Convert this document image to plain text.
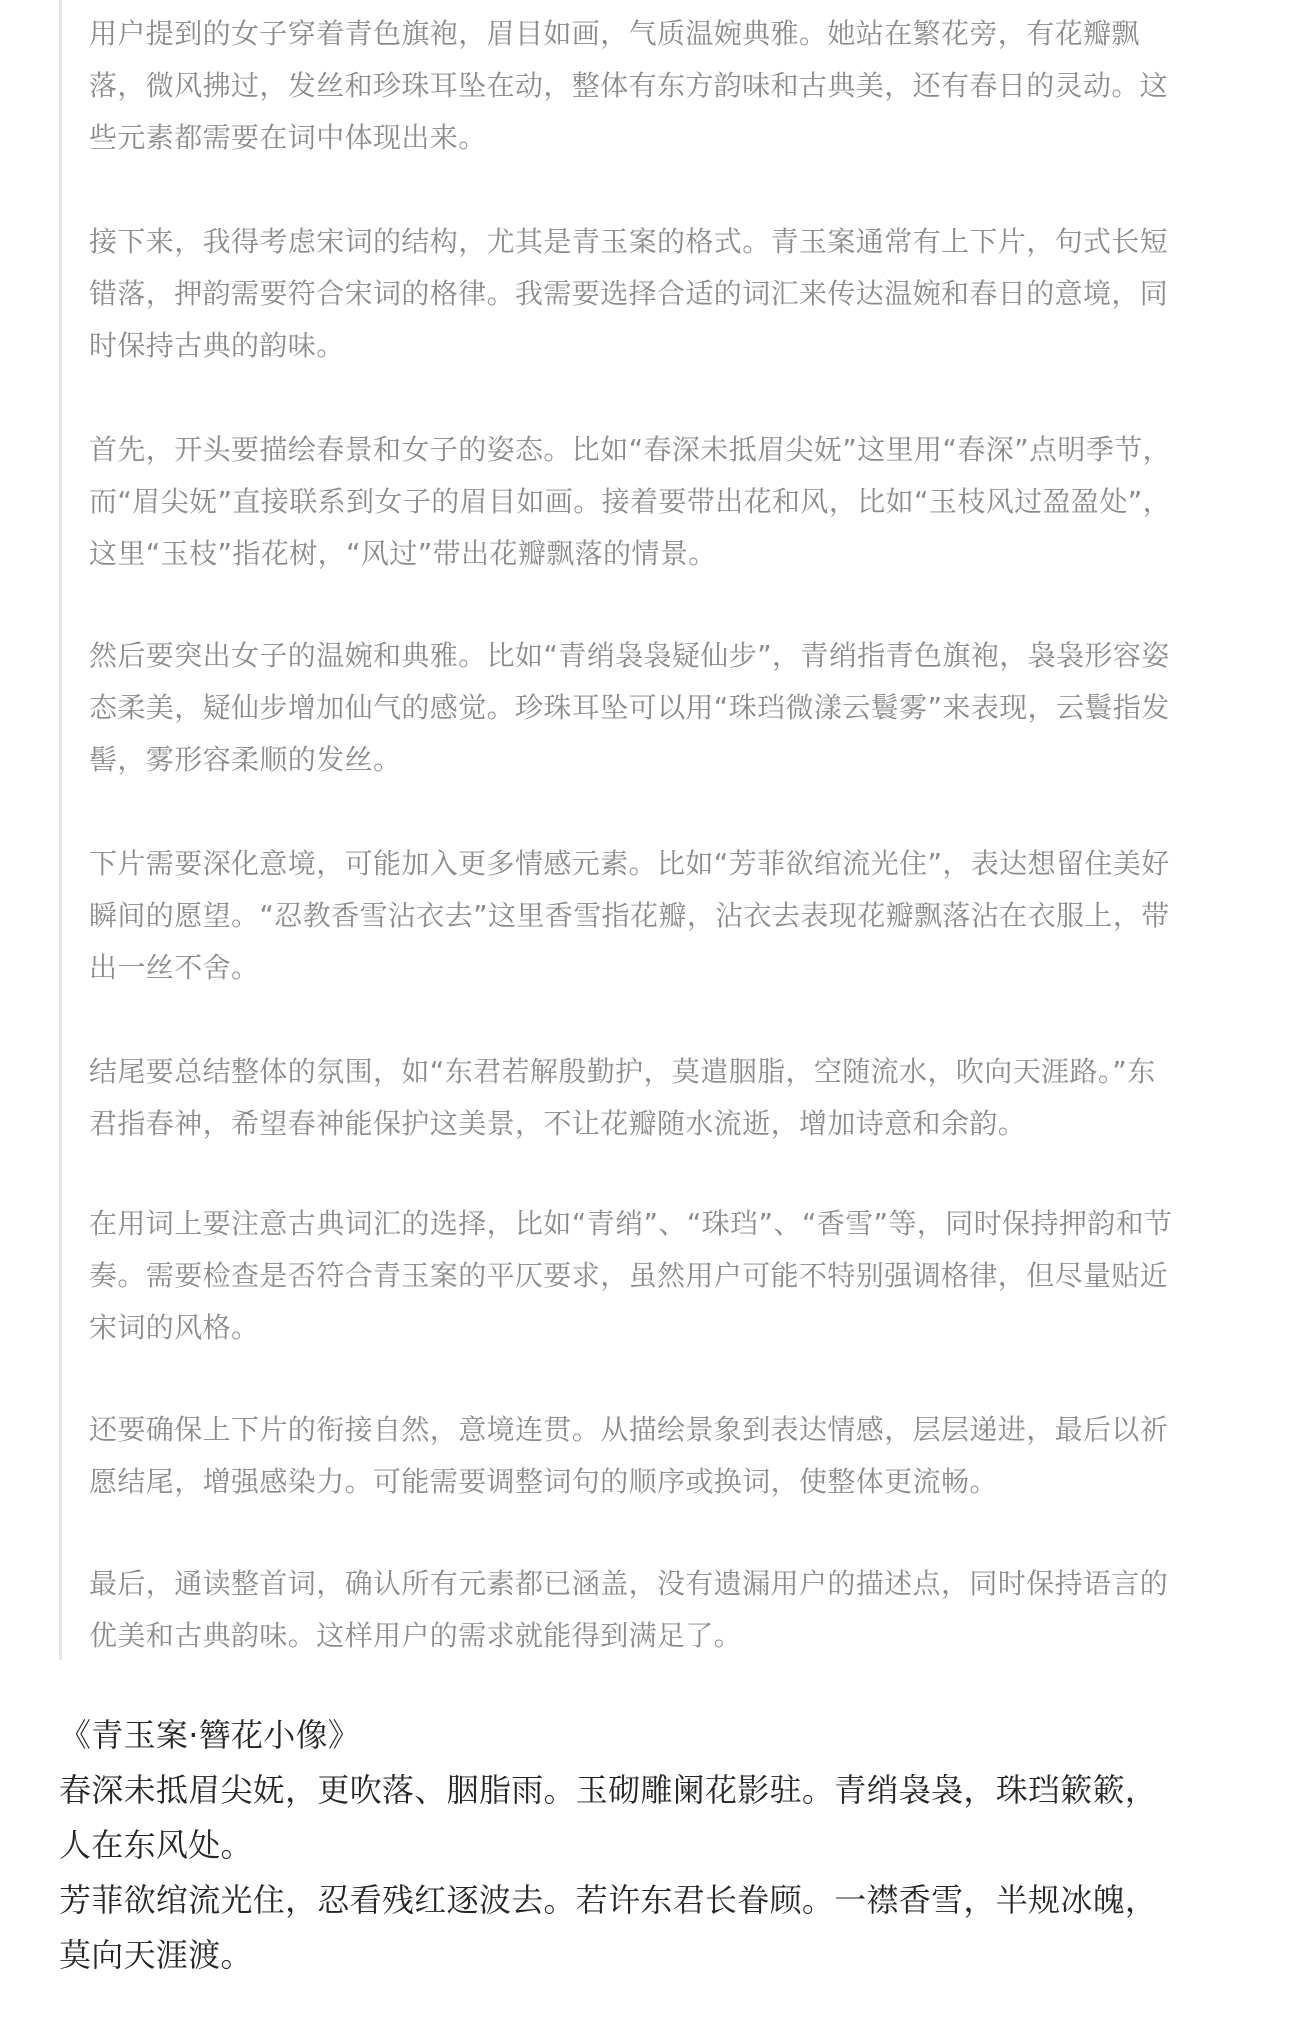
用户提到的女子穿着青色旗袍，眉目如画，气质温婉典雅。她站在繁花旁，有花瓣飘
落，微风拂过，发丝和珍珠耳坠在动，整体有东方韵味和古典美，还有春日的灵动。这
些元素都需要在词中体现出来。

接下来，我得考虑宋词的结构，尤其是青玉案的格式。青玉案通常有上下片，句式长短
错落，押韵需要符合宋词的格律。我需要选择合适的词汇来传达温婉和春日的意境，同
时保持古典的韵味。

首先，开头要描绘春景和女子的姿态。比如“春深未抵眉尖妩”这里用“春深”点明季节，
而“眉尖妩”直接联系到女子的眉目如画。接着要带出花和风，比如“玉枝风过盈盈处”，
这里“玉枝”指花树，“风过”带出花瓣飘落的情景。

然后要突出女子的温婉和典雅。比如“青绡袅袅疑仙步”，青绡指青色旗袍，袅袅形容姿
态柔美，疑仙步增加仙气的感觉。珍珠耳坠可以用“珠珰微漾云鬟雾”来表现，云鬟指发
髻，雾形容柔顺的发丝。

下片需要深化意境，可能加入更多情感元素。比如“芳菲欲绾流光住”，表达想留住美好
瞬间的愿望。“忍教香雪沾衣去”这里香雪指花瓣，沾衣去表现花瓣飘落沾在衣服上，带
出一丝不舍。

结尾要总结整体的氛围，如“东君若解殷勤护，莫遣胭脂，空随流水，吹向天涯路。”东
君指春神，希望春神能保护这美景，不让花瓣随水流逝，增加诗意和余韵。

在用词上要注意古典词汇的选择，比如“青绡”、“珠珰”、“香雪”等，同时保持押韵和节
奏。需要检查是否符合青玉案的平仄要求，虽然用户可能不特别强调格律，但尽量贴近
宋词的风格。

还要确保上下片的衔接自然，意境连贯。从描绘景象到表达情感，层层递进，最后以祈
愿结尾，增强感染力。可能需要调整词句的顺序或换词，使整体更流畅。

最后，通读整首词，确认所有元素都已涵盖，没有遗漏用户的描述点，同时保持语言的
优美和古典韵味。这样用户的需求就能得到满足了。

《青玉案·簪花小像》
春深未抵眉尖妩，更吹落、胭脂雨。玉砌雕阑花影驻。青绡袅袅，珠珰簌簌，
人在东风处。
芳菲欲绾流光住，忍看残红逐波去。若许东君长眷顾。一襟香雪，半规冰魄，
莫向天涯渡。
